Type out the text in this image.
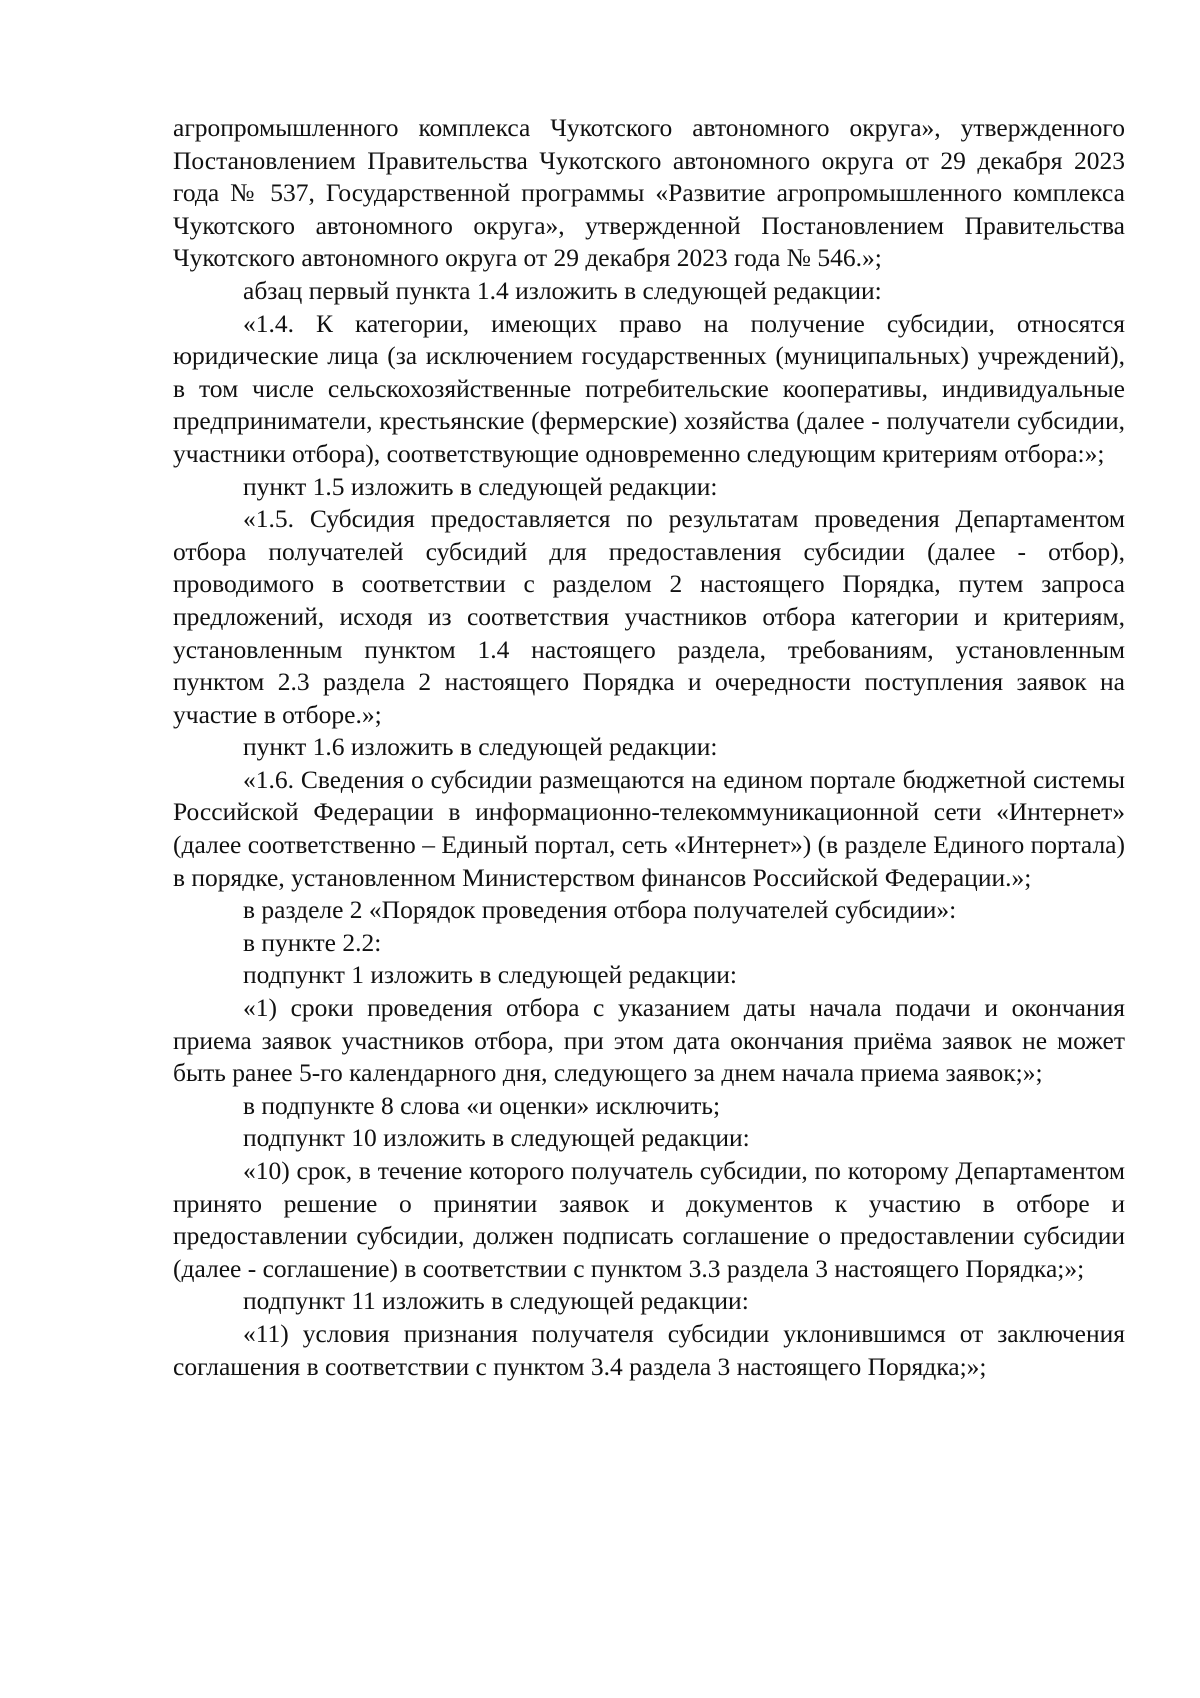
агропромышленного комплекса Чукотского автономного округа», утвержденного Постановлением Правительства Чукотского автономного округа от 29 декабря 2023 года № 537, Государственной программы «Развитие агропромышленного комплекса Чукотского автономного округа», утвержденной Постановлением Правительства Чукотского автономного округа от 29 декабря 2023 года № 546.»;

абзац первый пункта 1.4 изложить в следующей редакции:

«1.4. К категории, имеющих право на получение субсидии, относятся юридические лица (за исключением государственных (муниципальных) учреждений), в том числе сельскохозяйственные потребительские кооперативы, индивидуальные предприниматели, крестьянские (фермерские) хозяйства (далее - получатели субсидии, участники отбора), соответствующие одновременно следующим критериям отбора:»;

пункт 1.5 изложить в следующей редакции:

«1.5. Субсидия предоставляется по результатам проведения Департаментом отбора получателей субсидий для предоставления субсидии (далее - отбор), проводимого в соответствии с разделом 2 настоящего Порядка, путем запроса предложений, исходя из соответствия участников отбора категории и критериям, установленным пунктом 1.4 настоящего раздела, требованиям, установленным пунктом 2.3 раздела 2 настоящего Порядка и очередности поступления заявок на участие в отборе.»;

пункт 1.6 изложить в следующей редакции:

«1.6. Сведения о субсидии размещаются на едином портале бюджетной системы Российской Федерации в информационно-телекоммуникационной сети «Интернет» (далее соответственно – Единый портал, сеть «Интернет») (в разделе Единого портала) в порядке, установленном Министерством финансов Российской Федерации.»;

в разделе 2 «Порядок проведения отбора получателей субсидии»:

в пункте 2.2:

подпункт 1 изложить в следующей редакции:

«1) сроки проведения отбора с указанием даты начала подачи и окончания приема заявок участников отбора, при этом дата окончания приёма заявок не может быть ранее 5-го календарного дня, следующего за днем начала приема заявок;»;

в подпункте 8 слова «и оценки» исключить;

подпункт 10 изложить в следующей редакции:

«10) срок, в течение которого получатель субсидии, по которому Департаментом принято решение о принятии заявок и документов к участию в отборе и предоставлении субсидии, должен подписать соглашение о предоставлении субсидии (далее - соглашение) в соответствии с пунктом 3.3 раздела 3 настоящего Порядка;»;

подпункт 11 изложить в следующей редакции:

«11) условия признания получателя субсидии уклонившимся от заключения соглашения в соответствии с пунктом 3.4 раздела 3 настоящего Порядка;»;
